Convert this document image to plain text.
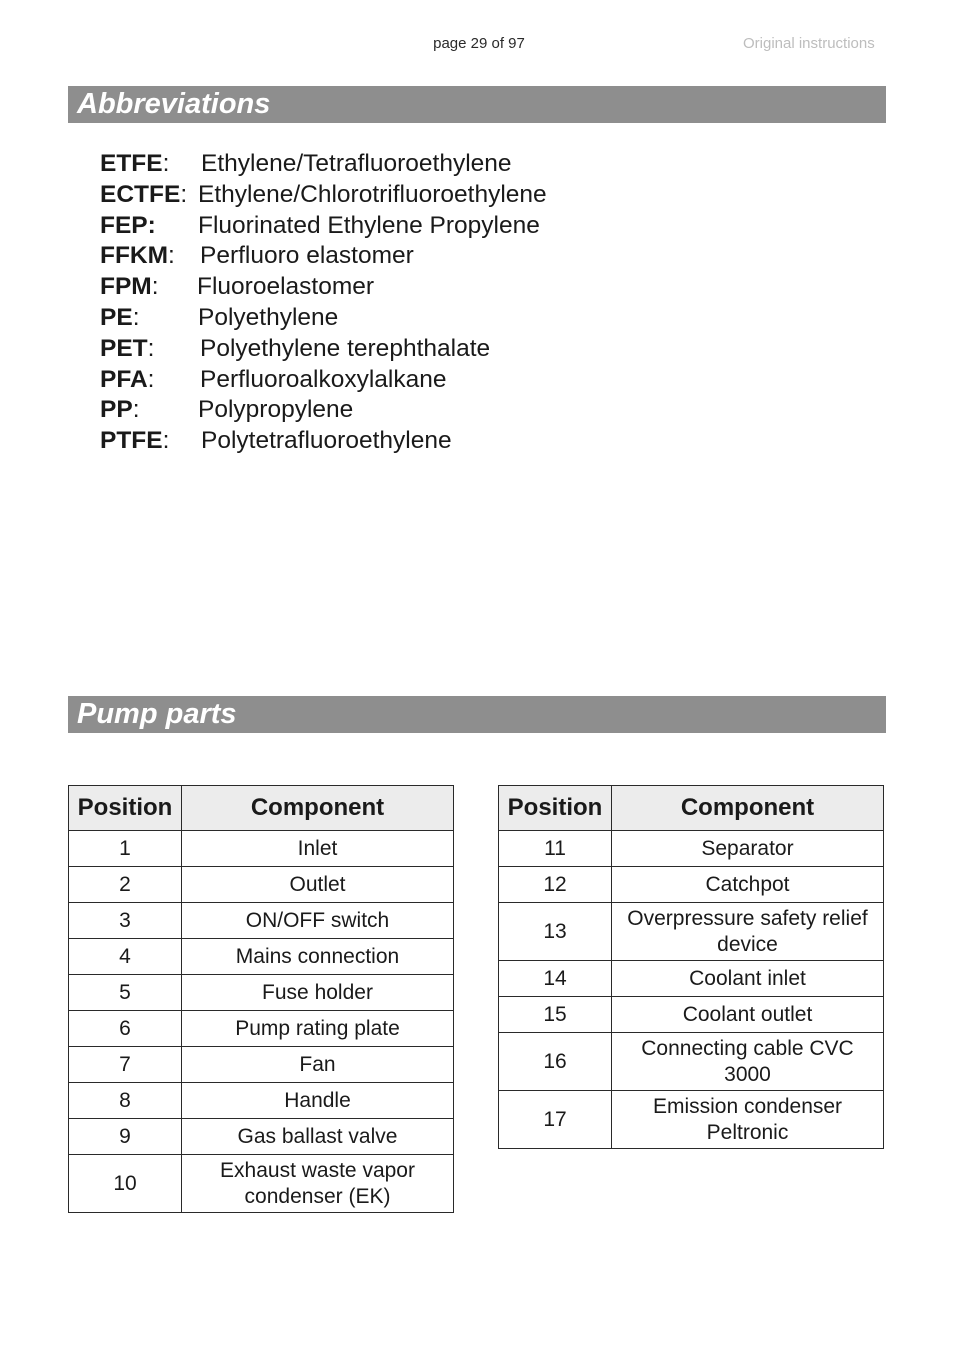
page 29 of 97	Original instructions
Abbreviations
ETFE: Ethylene/Tetrafluoroethylene
ECTFE: Ethylene/Chlorotrifluoroethylene
FEP: Fluorinated Ethylene Propylene
FFKM: Perfluoro elastomer
FPM: Fluoroelastomer
PE: Polyethylene
PET: Polyethylene terephthalate
PFA: Perfluoroalkoxylalkane
PP: Polypropylene
PTFE: Polytetrafluoroethylene
Pump parts
Position	Component
1	Inlet
2	Outlet
3	ON/OFF switch
4	Mains connection
5	Fuse holder
6	Pump rating plate
7	Fan
8	Handle
9	Gas ballast valve
10	Exhaust waste vapor condenser (EK)
Position	Component
11	Separator
12	Catchpot
13	Overpressure safety relief device
14	Coolant inlet
15	Coolant outlet
16	Connecting cable CVC 3000
17	Emission condenser Peltronic
